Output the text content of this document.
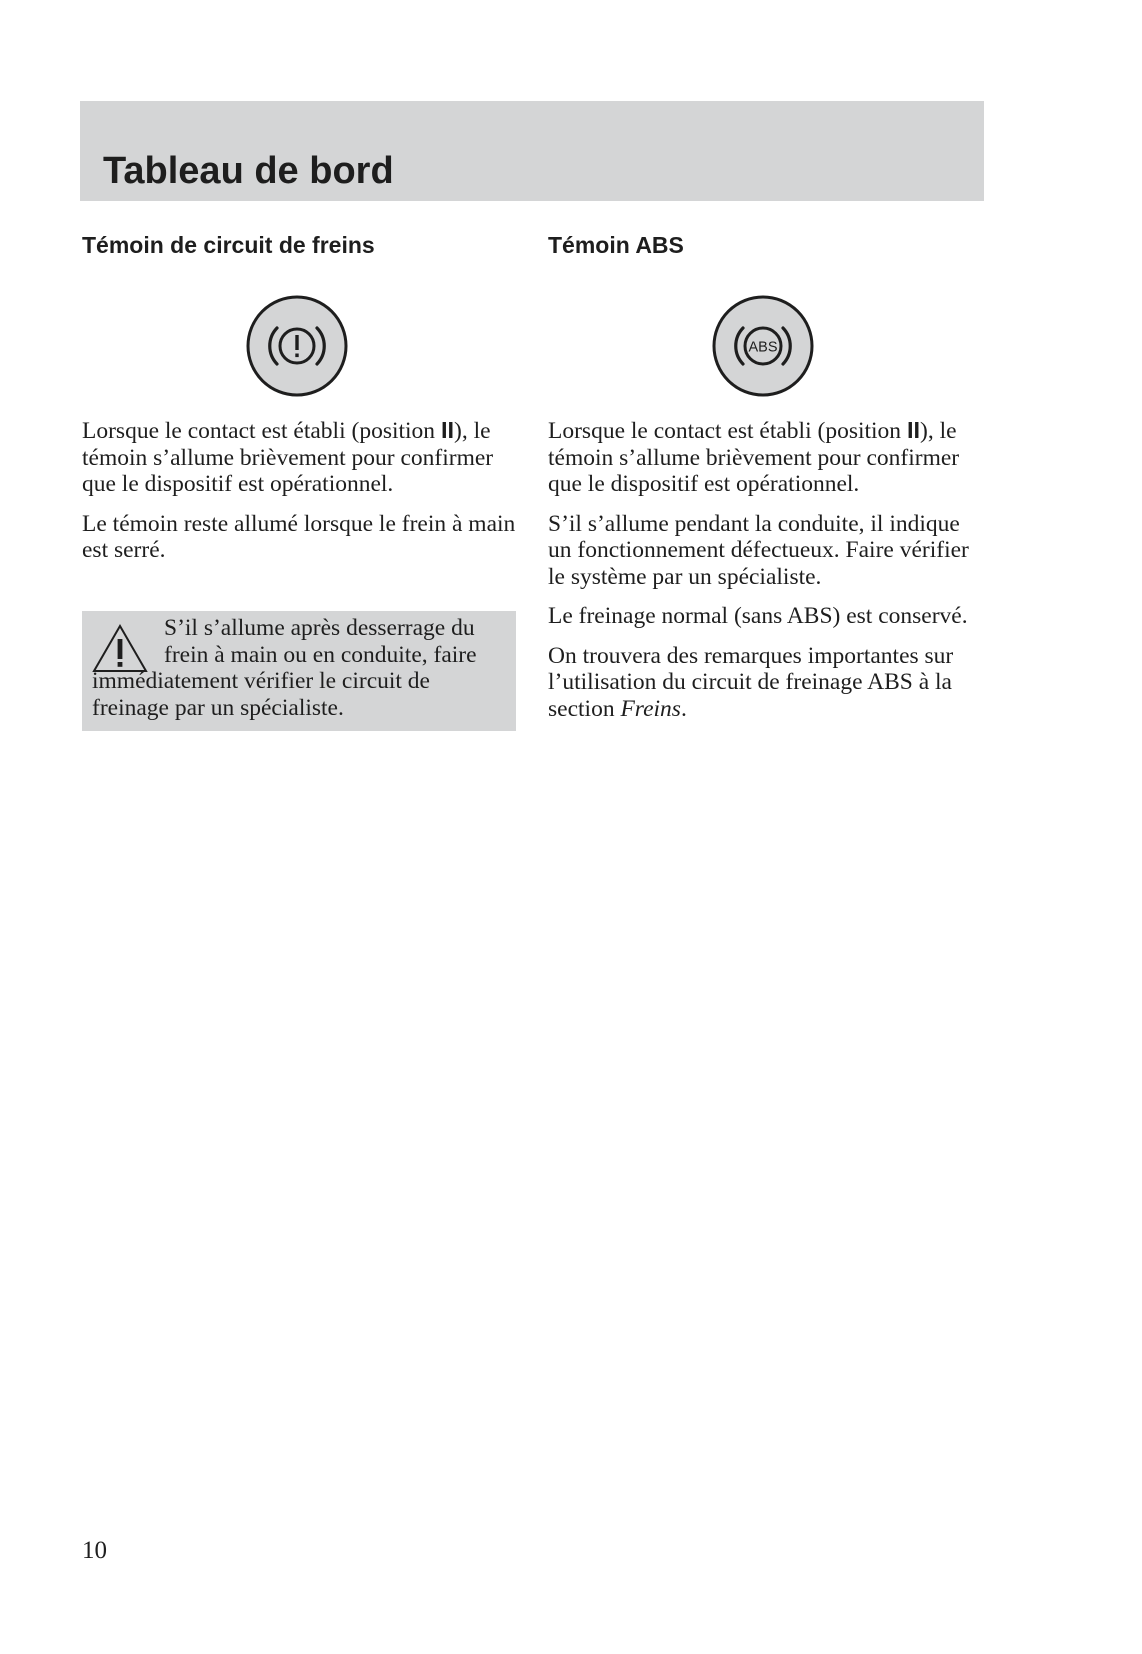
Tableau de bord
Témoin de circuit de freins

Lorsque le contact est établi (position II), le témoin s’allume brièvement pour confirmer que le dispositif est opérationnel.

Le témoin reste allumé lorsque le frein à main est serré.

S’il s’allume après desserrage du frein à main ou en conduite, faire immédiatement vérifier le circuit de freinage par un spécialiste.
Témoin ABS
ABS

Lorsque le contact est établi (position II), le témoin s’allume brièvement pour confirmer que le dispositif est opérationnel.

S’il s’allume pendant la conduite, il indique un fonctionnement défectueux. Faire vérifier le système par un spécialiste.

Le freinage normal (sans ABS) est conservé.

On trouvera des remarques importantes sur l’utilisation du circuit de freinage ABS à la section Freins.

10
